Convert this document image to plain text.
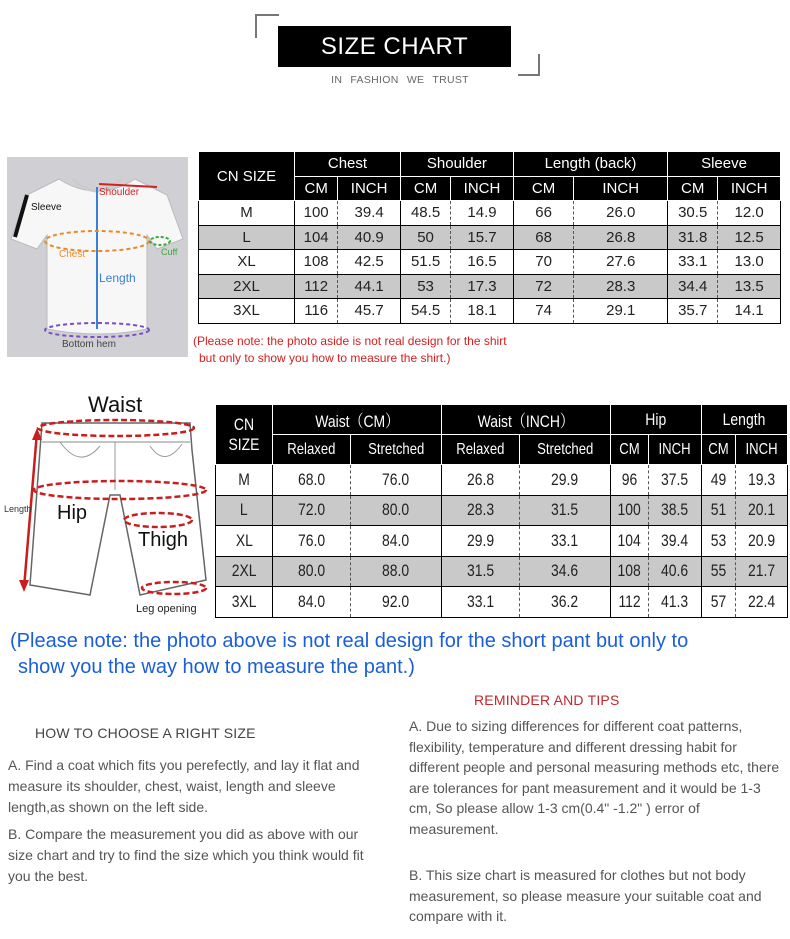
SIZE CHART
IN FASHION WE TRUST
Shoulder
Sleeve
Chest	Cuff
Length
Bottom hem
CN SIZE	Chest		Shoulder		Length (back)		Sleeve	
	CM	INCH	CM	INCH	CM	INCH	CM	INCH
M	100	39.4	48.5	14.9	66	26.0	30.5	12.0
L	104	40.9	50	15.7	68	26.8	31.8	12.5
XL	108	42.5	51.5	16.5	70	27.6	33.1	13.0
2XL	112	44.1	53	17.3	72	28.3	34.4	13.5
3XL	116	45.7	54.5	18.1	74	29.1	35.7	14.1
(Please note: the photo aside is not real design for the shirt
but only to show you how to measure the shirt.)
Waist
Hip
Thigh
Length
Leg opening
CN SIZE	Waist（CM）		Waist（INCH）		Hip		Length	
	Relaxed	Stretched	Relaxed	Stretched	CM	INCH	CM	INCH
M	68.0	76.0	26.8	29.9	96	37.5	49	19.3
L	72.0	80.0	28.3	31.5	100	38.5	51	20.1
XL	76.0	84.0	29.9	33.1	104	39.4	53	20.9
2XL	80.0	88.0	31.5	34.6	108	40.6	55	21.7
3XL	84.0	92.0	33.1	36.2	112	41.3	57	22.4
(Please note: the photo above is not real design for the short pant but only to
show you the way how to measure the pant.)
HOW TO CHOOSE A RIGHT SIZE
A. Find a coat which fits you perefectly, and lay it flat and measure its shoulder, chest, waist, length and sleeve length,as shown on the left side.
B. Compare the measurement you did as above with our size chart and try to find the size which you think would fit you the best.
REMINDER AND TIPS
A. Due to sizing differences for different coat patterns, flexibility, temperature and different dressing habit for different people and personal measuring methods etc, there are tolerances for pant measurement and it would be 1-3 cm, So please allow 1-3 cm(0.4" -1.2" ) error of measurement.
B. This size chart is measured for clothes but not body measurement, so please measure your suitable coat and compare with it.
